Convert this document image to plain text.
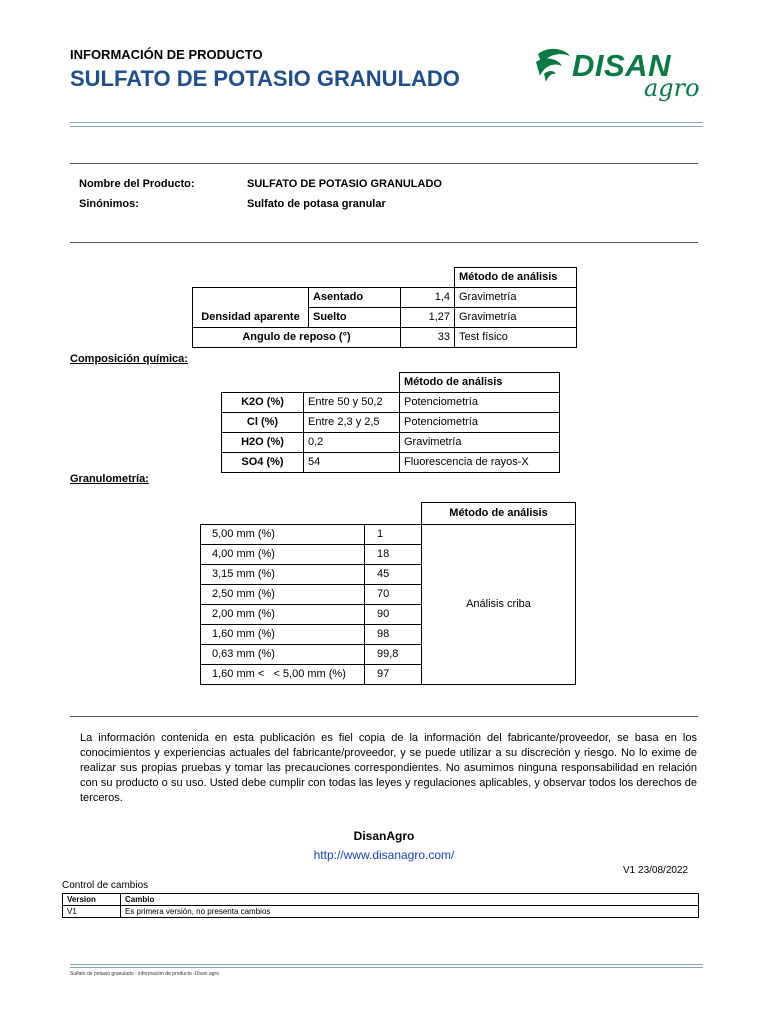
INFORMACIÓN DE PRODUCTO
SULFATO DE POTASIO GRANULADO	DISAN
agro
Nombre del Producto:	SULFATO DE POTASIO GRANULADO
Sinónimos:	Sulfato de potasa granular
			Método de análisis
Densidad aparente	Asentado	1,4	Gravimetría
	Suelto	1,27	Gravimetría
Angulo de reposo (°)		33	Test físico
Composición química:
		Método de análisis
K2O (%)	Entre 50 y 50,2	Potenciometría
Cl (%)	Entre 2,3 y 2,5	Potenciometría
H2O (%)	0,2	Gravimetría
SO4 (%)	54	Fluorescencia de rayos-X
Granulometría:
		Método de análisis
5,00 mm (%)	1	Análisis criba
4,00 mm (%)	18	
3,15 mm (%)	45	
2,50 mm (%)	70	
2,00 mm (%)	90	
1,60 mm (%)	98	
0,63 mm (%)	99,8	
1,60 mm <   < 5,00 mm (%)	97	
La información contenida en esta publicación es fiel copia de la información del fabricante/proveedor, se basa en los conocimientos y experiencias actuales del fabricante/proveedor, y se puede utilizar a su discreción y riesgo. No lo exime de realizar sus propias pruebas y tomar las precauciones correspondientes. No asumimos ninguna responsabilidad en relación con su producto o su uso. Usted debe cumplir con todas las leyes y regulaciones aplicables, y observar todos los derechos de terceros.
DisanAgro
http://www.disanagro.com/
V1 23/08/2022
Control de cambios
Version	Cambio
V1	Es primera versión, no presenta cambios
Sulfato de potasio granulado - información de producto -Disan agro
